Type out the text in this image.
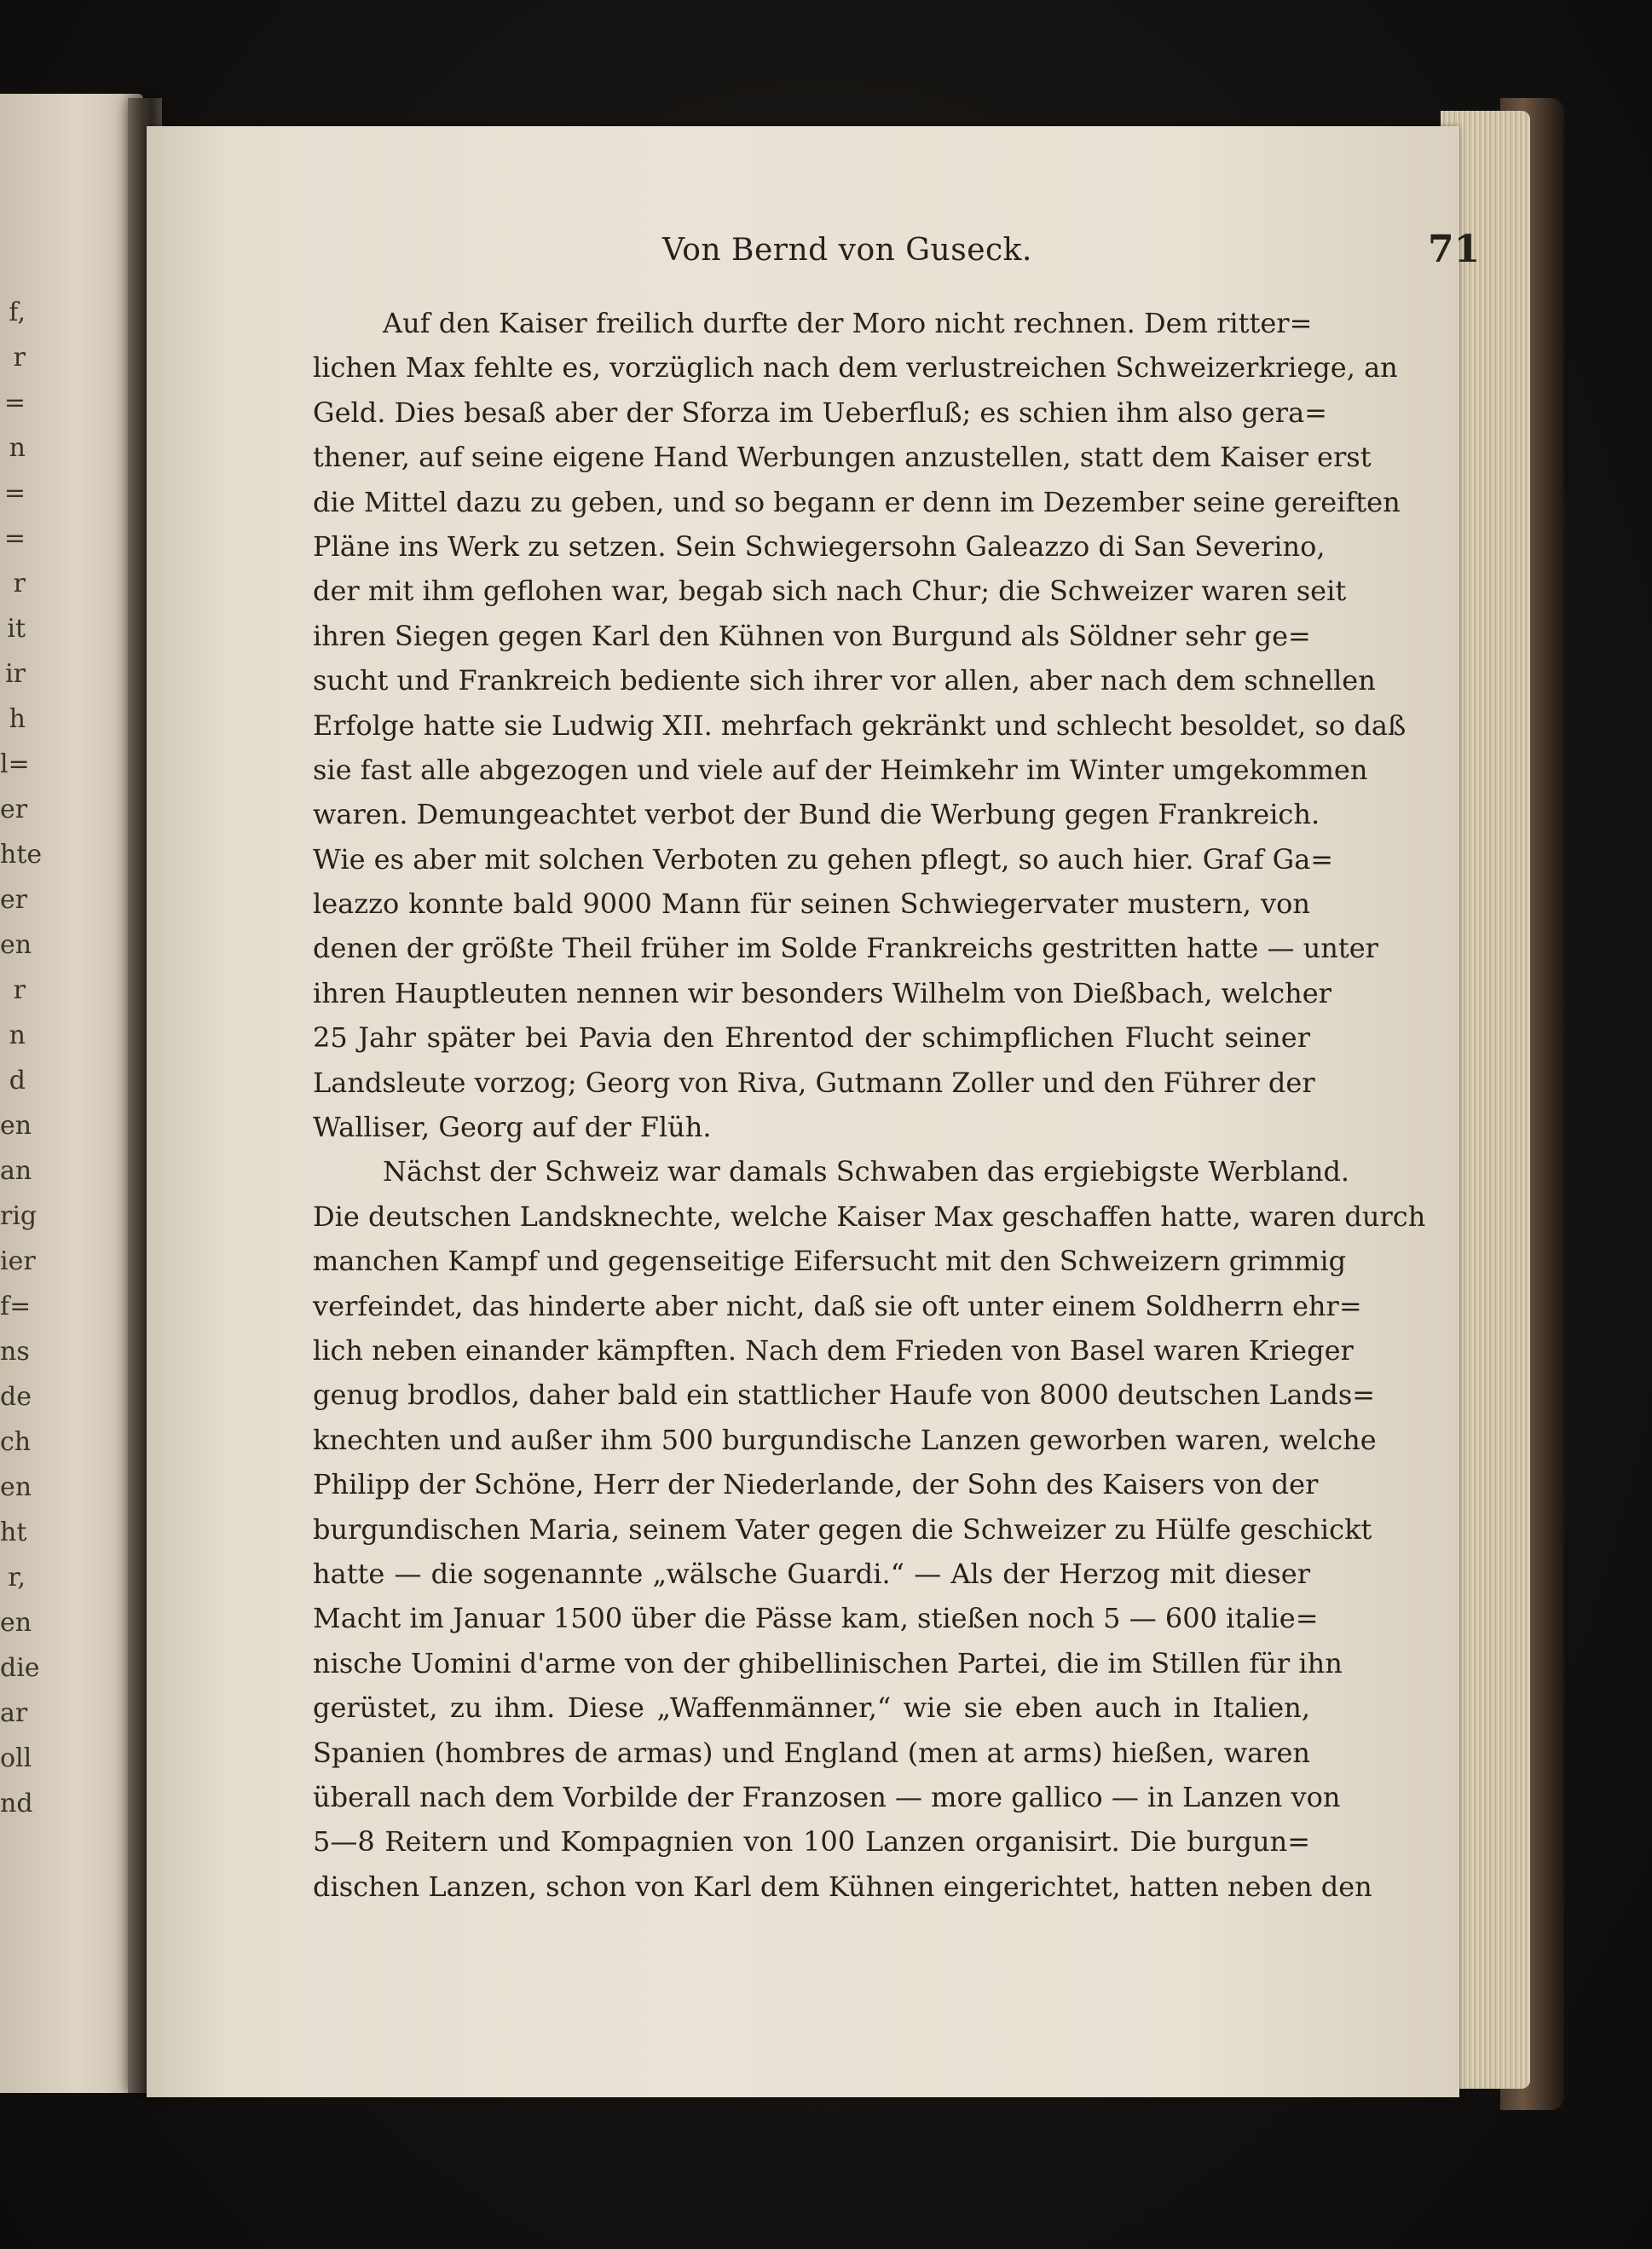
f,
r
=
n
=
=
r
it
ir
h
l=
er
hte
er
en
r
n
d
en
an
rig
ier
f=
ns
de
ch
en
ht
r,
en
die
ar
oll
nd
Von Bernd von Guseck.	71
Auf den Kaiser freilich durfte der Moro nicht rechnen. Dem ritter=
lichen Max fehlte es, vorzüglich nach dem verlustreichen Schweizerkriege, an
Geld. Dies besaß aber der Sforza im Ueberfluß; es schien ihm also gera=
thener, auf seine eigene Hand Werbungen anzustellen, statt dem Kaiser erst
die Mittel dazu zu geben, und so begann er denn im Dezember seine gereiften
Pläne ins Werk zu setzen. Sein Schwiegersohn Galeazzo di San Severino,
der mit ihm geflohen war, begab sich nach Chur; die Schweizer waren seit
ihren Siegen gegen Karl den Kühnen von Burgund als Söldner sehr ge=
sucht und Frankreich bediente sich ihrer vor allen, aber nach dem schnellen
Erfolge hatte sie Ludwig XII. mehrfach gekränkt und schlecht besoldet, so daß
sie fast alle abgezogen und viele auf der Heimkehr im Winter umgekommen
waren. Demungeachtet verbot der Bund die Werbung gegen Frankreich.
Wie es aber mit solchen Verboten zu gehen pflegt, so auch hier. Graf Ga=
leazzo konnte bald 9000 Mann für seinen Schwiegervater mustern, von
denen der größte Theil früher im Solde Frankreichs gestritten hatte — unter
ihren Hauptleuten nennen wir besonders Wilhelm von Dießbach, welcher
25 Jahr später bei Pavia den Ehrentod der schimpflichen Flucht seiner
Landsleute vorzog; Georg von Riva, Gutmann Zoller und den Führer der
Walliser, Georg auf der Flüh.
Nächst der Schweiz war damals Schwaben das ergiebigste Werbland.
Die deutschen Landsknechte, welche Kaiser Max geschaffen hatte, waren durch
manchen Kampf und gegenseitige Eifersucht mit den Schweizern grimmig
verfeindet, das hinderte aber nicht, daß sie oft unter einem Soldherrn ehr=
lich neben einander kämpften. Nach dem Frieden von Basel waren Krieger
genug brodlos, daher bald ein stattlicher Haufe von 8000 deutschen Lands=
knechten und außer ihm 500 burgundische Lanzen geworben waren, welche
Philipp der Schöne, Herr der Niederlande, der Sohn des Kaisers von der
burgundischen Maria, seinem Vater gegen die Schweizer zu Hülfe geschickt
hatte — die sogenannte „wälsche Guardi.“ — Als der Herzog mit dieser
Macht im Januar 1500 über die Pässe kam, stießen noch 5 — 600 italie=
nische Uomini d'arme von der ghibellinischen Partei, die im Stillen für ihn
gerüstet, zu ihm. Diese „Waffenmänner,“ wie sie eben auch in Italien,
Spanien (hombres de armas) und England (men at arms) hießen, waren
überall nach dem Vorbilde der Franzosen — more gallico — in Lanzen von
5—8 Reitern und Kompagnien von 100 Lanzen organisirt. Die burgun=
dischen Lanzen, schon von Karl dem Kühnen eingerichtet, hatten neben den
